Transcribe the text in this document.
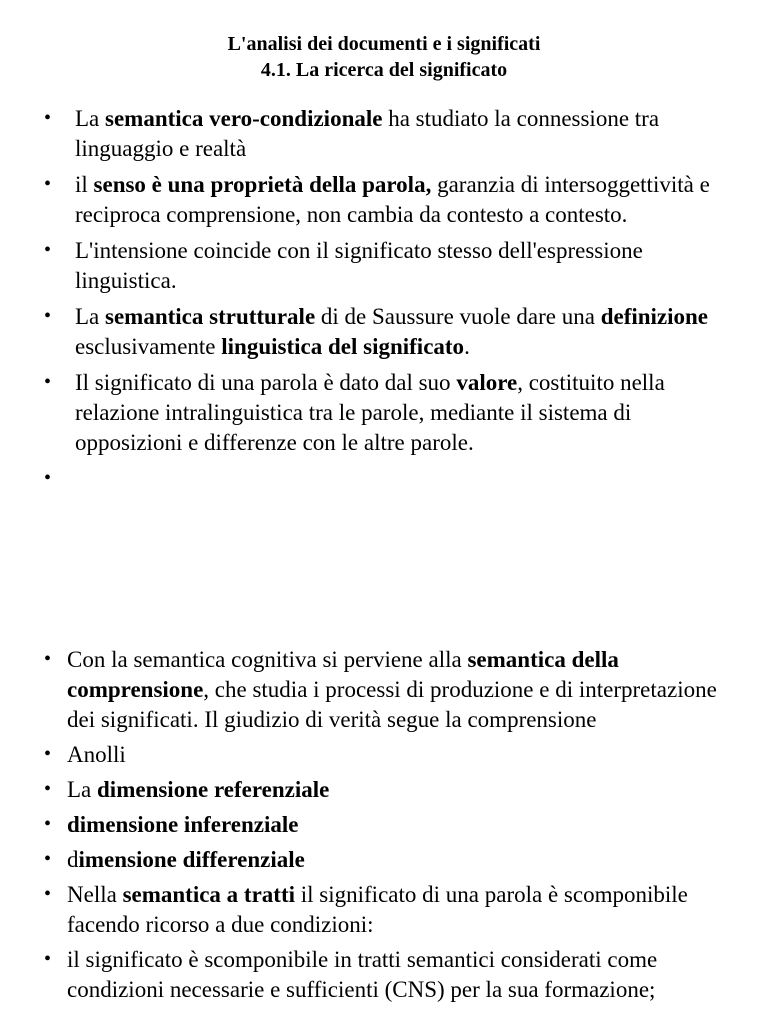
L'analisi dei documenti e i significati
4.1. La ricerca del significato
• La semantica vero-condizionale ha studiato la connessione tra linguaggio e realtà
• il senso è una proprietà della parola, garanzia di intersoggettività e reciproca comprensione, non cambia da contesto a contesto.
• L'intensione coincide con il significato stesso dell'espressione linguistica.
• La semantica strutturale di de Saussure vuole dare una definizione esclusivamente linguistica del significato.
• Il significato di una parola è dato dal suo valore, costituito nella relazione intralinguistica tra le parole, mediante il sistema di opposizioni e differenze con le altre parole.
•
• Con la semantica cognitiva si perviene alla semantica della comprensione, che studia i processi di produzione e di interpretazione dei significati. Il giudizio di verità segue la comprensione
• Anolli
• La dimensione referenziale
• dimensione inferenziale
• dimensione differenziale
• Nella semantica a tratti il significato di una parola è scomponibile facendo ricorso a due condizioni:
• il significato è scomponibile in tratti semantici considerati come condizioni necessarie e sufficienti (CNS) per la sua formazione;
